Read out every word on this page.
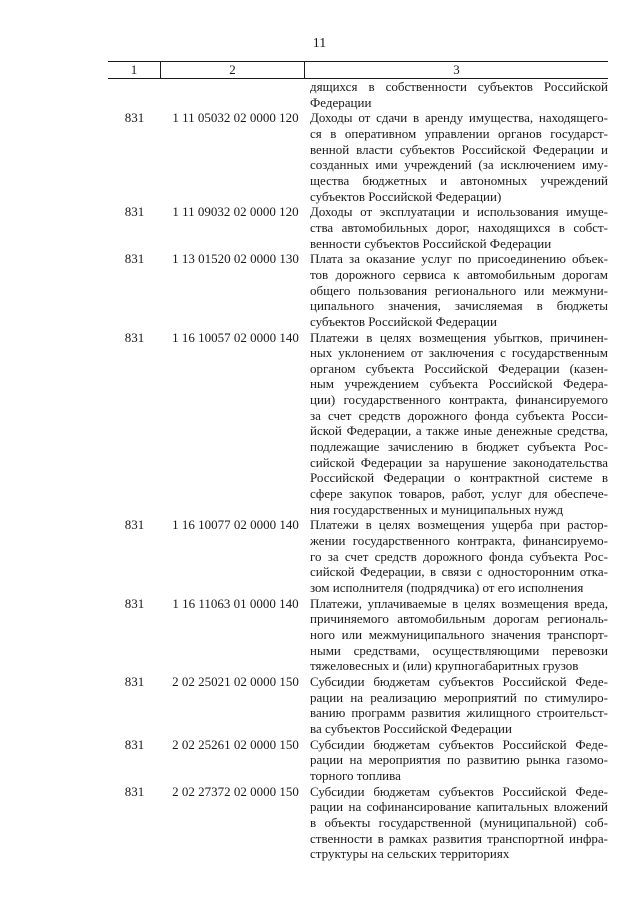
11
1	2	3
дящихся в собственности субъектов Российской
Федерации
831	1 11 05032 02 0000 120 Доходы от сдачи в аренду имущества, находящего-
ся в оперативном управлении органов государст-
венной власти субъектов Российской Федерации и
созданных ими учреждений (за исключением иму-
щества бюджетных и автономных учреждений
субъектов Российской Федерации)
831	1 11 09032 02 0000 120 Доходы от эксплуатации и использования имуще-
ства автомобильных дорог, находящихся в собст-
венности субъектов Российской Федерации
831	1 13 01520 02 0000 130 Плата за оказание услуг по присоединению объек-
тов дорожного сервиса к автомобильным дорогам
общего пользования регионального или межмуни-
ципального значения, зачисляемая в бюджеты
субъектов Российской Федерации
831	1 16 10057 02 0000 140 Платежи в целях возмещения убытков, причинен-
ных уклонением от заключения с государственным
органом субъекта Российской Федерации (казен-
ным учреждением субъекта Российской Федера-
ции) государственного контракта, финансируемого
за счет средств дорожного фонда субъекта Росси-
йской Федерации, а также иные денежные средства,
подлежащие зачислению в бюджет субъекта Рос-
сийской Федерации за нарушение законодательства
Российской Федерации о контрактной системе в
сфере закупок товаров, работ, услуг для обеспече-
ния государственных и муниципальных нужд
831	1 16 10077 02 0000 140 Платежи в целях возмещения ущерба при растор-
жении государственного контракта, финансируемо-
го за счет средств дорожного фонда субъекта Рос-
сийской Федерации, в связи с односторонним отка-
зом исполнителя (подрядчика) от его исполнения
831	1 16 11063 01 0000 140 Платежи, уплачиваемые в целях возмещения вреда,
причиняемого автомобильным дорогам региональ-
ного или межмуниципального значения транспорт-
ными средствами, осуществляющими перевозки
тяжеловесных и (или) крупногабаритных грузов
831	2 02 25021 02 0000 150 Субсидии бюджетам субъектов Российской Феде-
рации на реализацию мероприятий по стимулиро-
ванию программ развития жилищного строительст-
ва субъектов Российской Федерации
831	2 02 25261 02 0000 150 Субсидии бюджетам субъектов Российской Феде-
рации на мероприятия по развитию рынка газомо-
торного топлива
831	2 02 27372 02 0000 150 Субсидии бюджетам субъектов Российской Феде-
рации на софинансирование капитальных вложений
в объекты государственной (муниципальной) соб-
ственности в рамках развития транспортной инфра-
структуры на сельских территориях
